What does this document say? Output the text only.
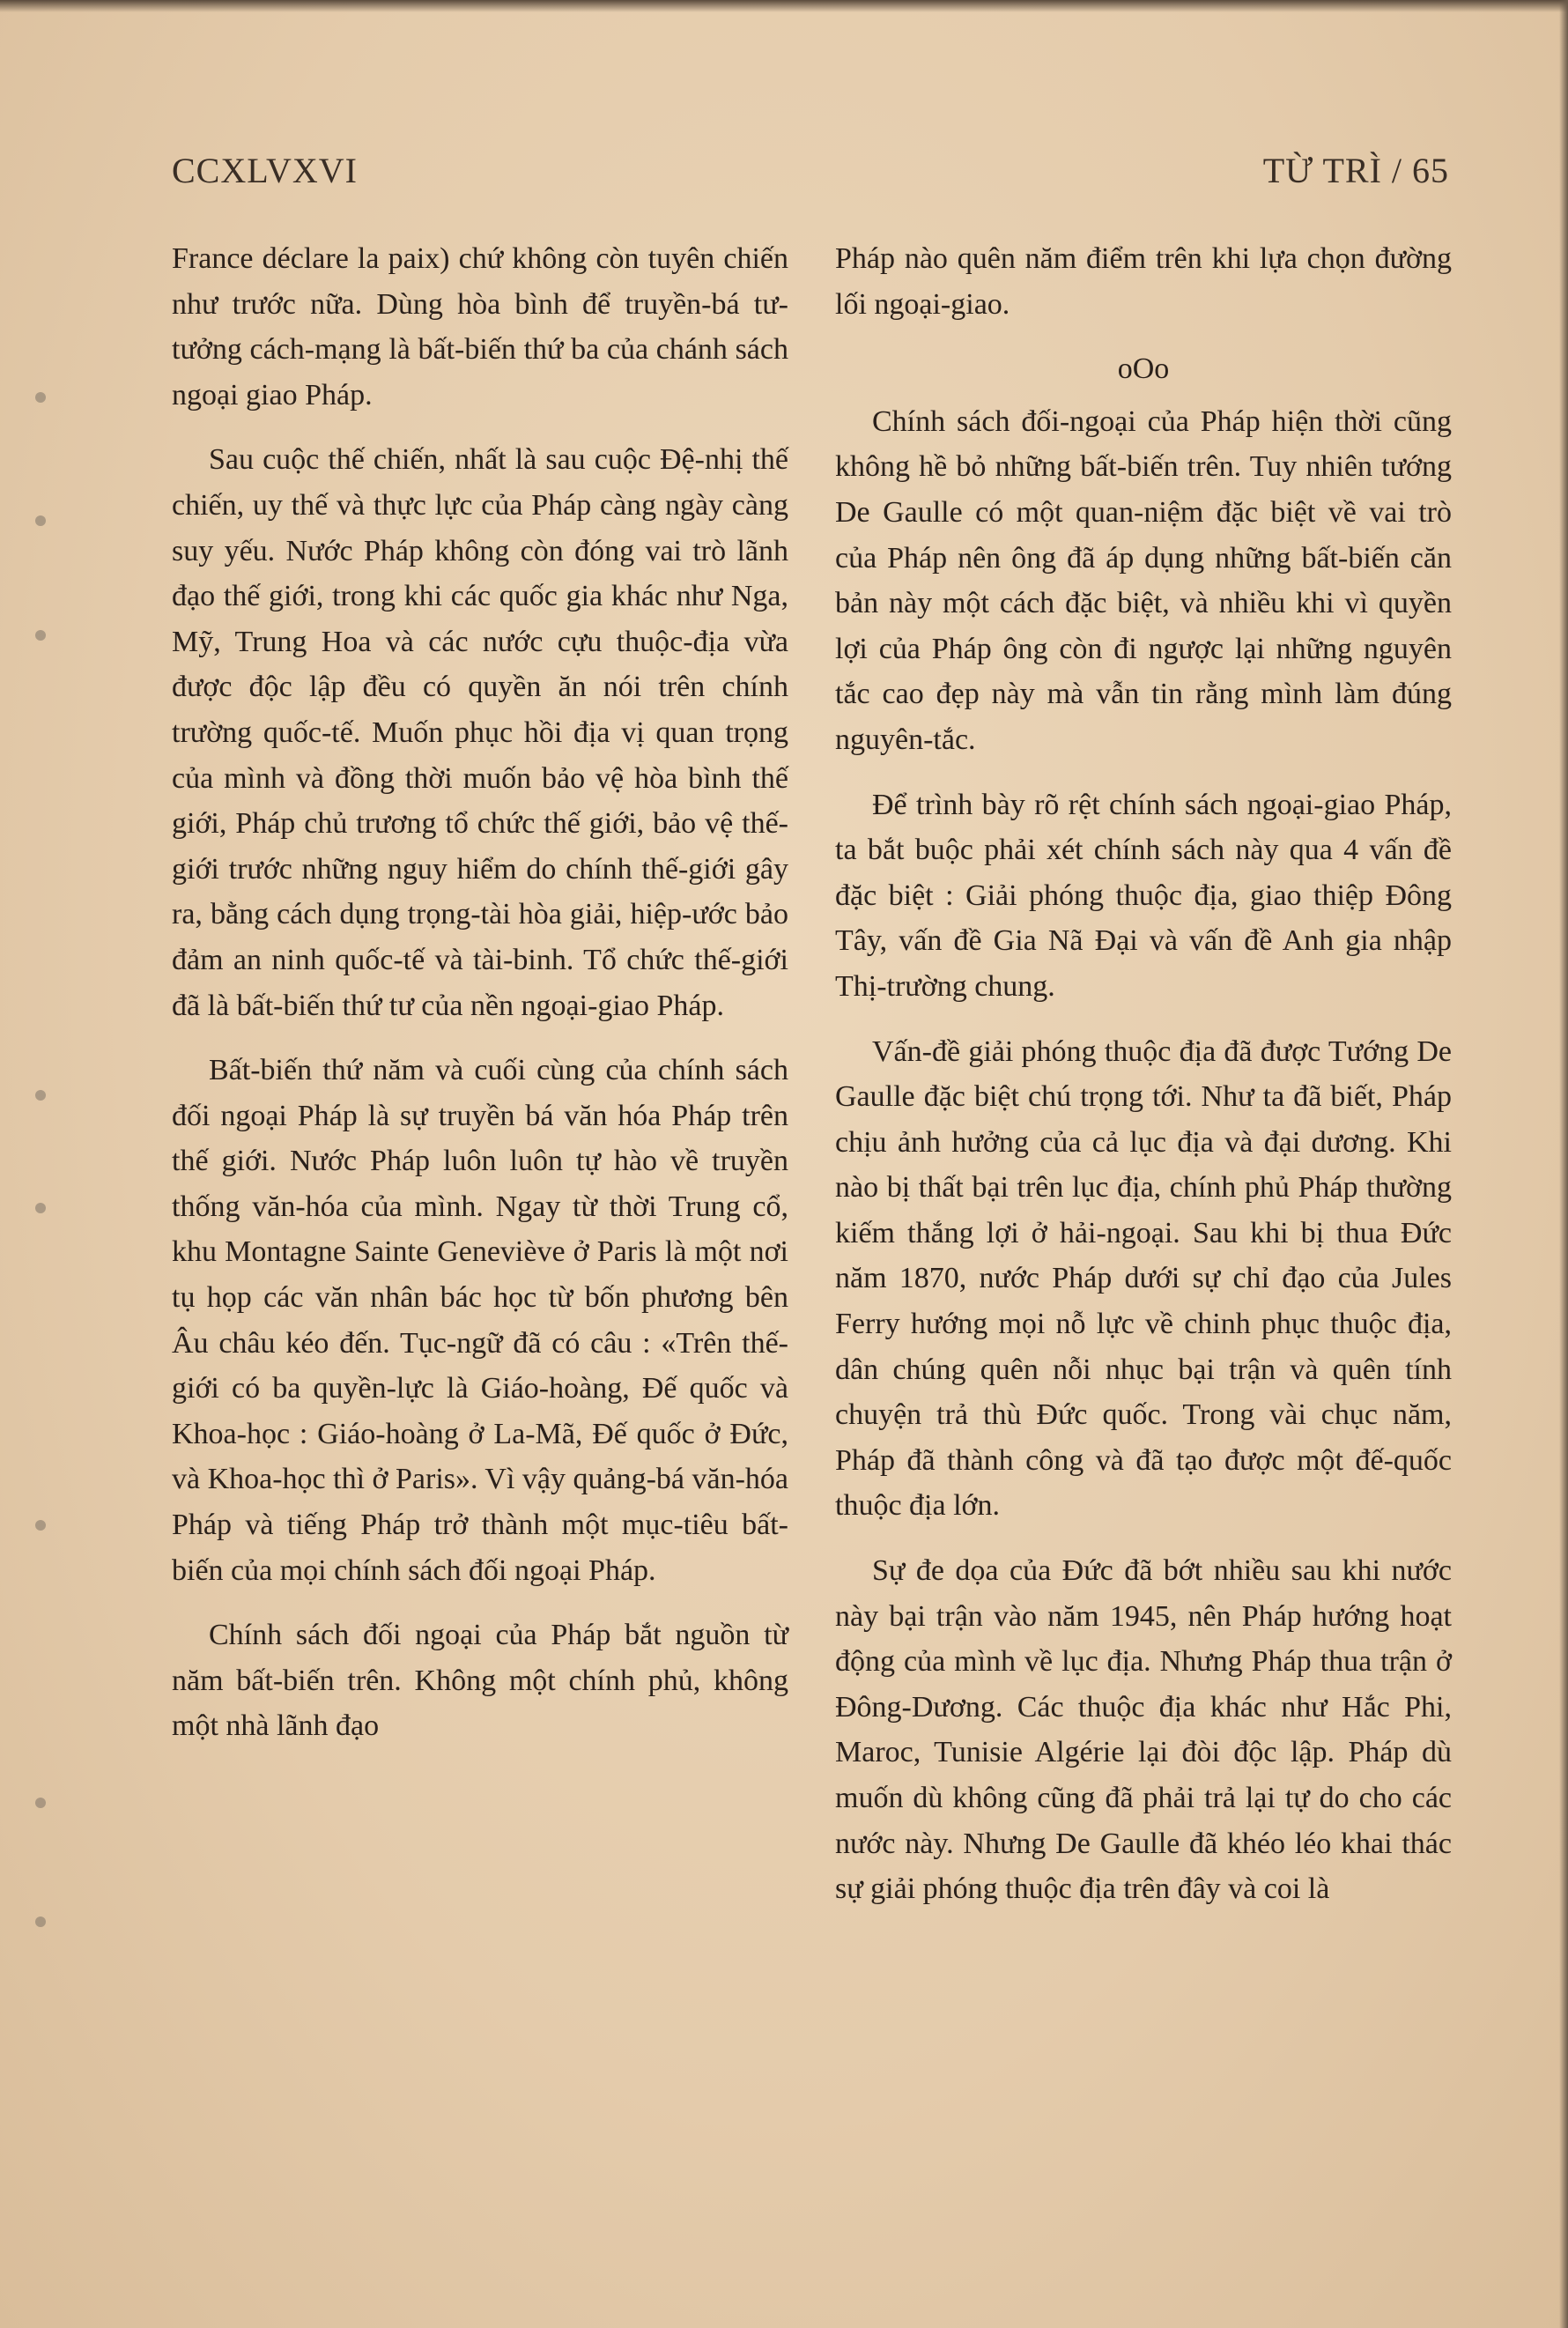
CCXLVXVI	TỪ TRÌ / 65

France déclare la paix) chứ không còn tuyên chiến như trước nữa. Dùng hòa bình để truyền-bá tư-tưởng cách-mạng là bất-biến thứ ba của chánh sách ngoại giao Pháp.

Sau cuộc thế chiến, nhất là sau cuộc Đệ-nhị thế chiến, uy thế và thực lực của Pháp càng ngày càng suy yếu. Nước Pháp không còn đóng vai trò lãnh đạo thế giới, trong khi các quốc gia khác như Nga, Mỹ, Trung Hoa và các nước cựu thuộc-địa vừa được độc lập đều có quyền ăn nói trên chính trường quốc-tế. Muốn phục hồi địa vị quan trọng của mình và đồng thời muốn bảo vệ hòa bình thế giới, Pháp chủ trương tổ chức thế giới, bảo vệ thế-giới trước những nguy hiểm do chính thế-giới gây ra, bằng cách dụng trọng-tài hòa giải, hiệp-ước bảo đảm an ninh quốc-tế và tài-binh. Tổ chức thế-giới đã là bất-biến thứ tư của nền ngoại-giao Pháp.

Bất-biến thứ năm và cuối cùng của chính sách đối ngoại Pháp là sự truyền bá văn hóa Pháp trên thế giới. Nước Pháp luôn luôn tự hào về truyền thống văn-hóa của mình. Ngay từ thời Trung cổ, khu Montagne Sainte Geneviève ở Paris là một nơi tụ họp các văn nhân bác học từ bốn phương bên Âu châu kéo đến. Tục-ngữ đã có câu : «Trên thế-giới có ba quyền-lực là Giáo-hoàng, Đế quốc và Khoa-học : Giáo-hoàng ở La-Mã, Đế quốc ở Đức, và Khoa-học thì ở Paris». Vì vậy quảng-bá văn-hóa Pháp và tiếng Pháp trở thành một mục-tiêu bất-biến của mọi chính sách đối ngoại Pháp.

Chính sách đối ngoại của Pháp bắt nguồn từ năm bất-biến trên. Không một chính phủ, không một nhà lãnh đạo

Pháp nào quên năm điểm trên khi lựa chọn đường lối ngoại-giao.

oOo

Chính sách đối-ngoại của Pháp hiện thời cũng không hề bỏ những bất-biến trên. Tuy nhiên tướng De Gaulle có một quan-niệm đặc biệt về vai trò của Pháp nên ông đã áp dụng những bất-biến căn bản này một cách đặc biệt, và nhiều khi vì quyền lợi của Pháp ông còn đi ngược lại những nguyên tắc cao đẹp này mà vẫn tin rằng mình làm đúng nguyên-tắc.

Để trình bày rõ rệt chính sách ngoại-giao Pháp, ta bắt buộc phải xét chính sách này qua 4 vấn đề đặc biệt : Giải phóng thuộc địa, giao thiệp Đông Tây, vấn đề Gia Nã Đại và vấn đề Anh gia nhập Thị-trường chung.

Vấn-đề giải phóng thuộc địa đã được Tướng De Gaulle đặc biệt chú trọng tới. Như ta đã biết, Pháp chịu ảnh hưởng của cả lục địa và đại dương. Khi nào bị thất bại trên lục địa, chính phủ Pháp thường kiếm thắng lợi ở hải-ngoại. Sau khi bị thua Đức năm 1870, nước Pháp dưới sự chỉ đạo của Jules Ferry hướng mọi nỗ lực về chinh phục thuộc địa, dân chúng quên nỗi nhục bại trận và quên tính chuyện trả thù Đức quốc. Trong vài chục năm, Pháp đã thành công và đã tạo được một đế-quốc thuộc địa lớn.

Sự đe dọa của Đức đã bớt nhiều sau khi nước này bại trận vào năm 1945, nên Pháp hướng hoạt động của mình về lục địa. Nhưng Pháp thua trận ở Đông-Dương. Các thuộc địa khác như Hắc Phi, Maroc, Tunisie Algérie lại đòi độc lập. Pháp dù muốn dù không cũng đã phải trả lại tự do cho các nước này. Nhưng De Gaulle đã khéo léo khai thác sự giải phóng thuộc địa trên đây và coi là
